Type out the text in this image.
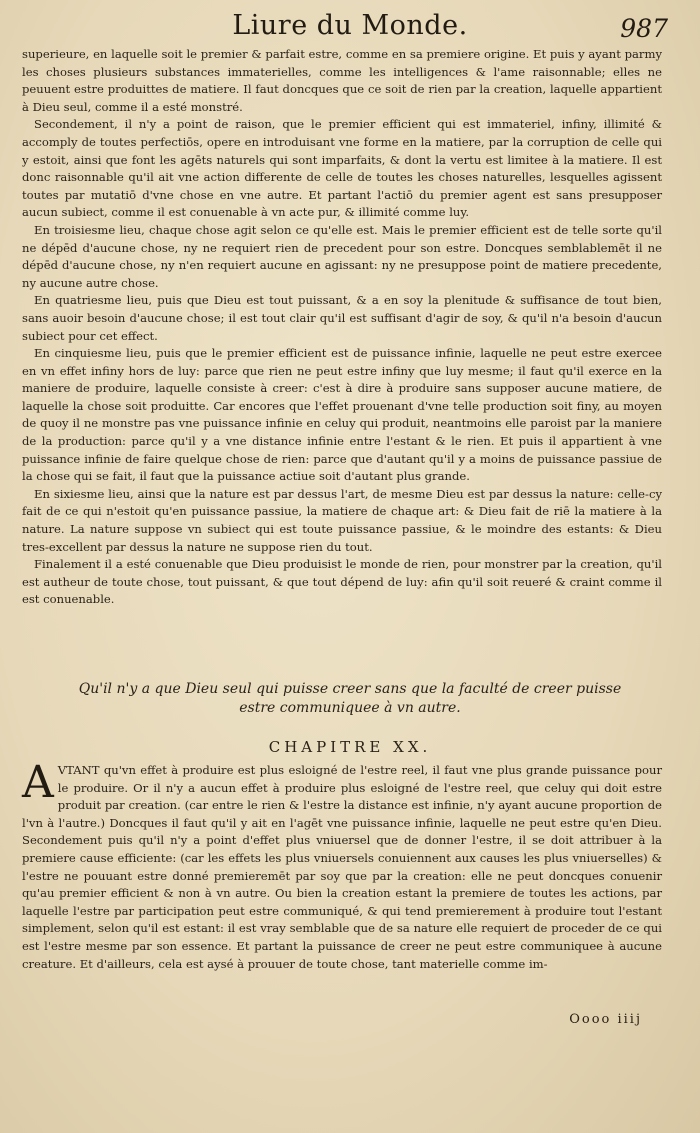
Liure du Monde.	987

superieure, en laquelle soit le premier & parfait estre, comme en sa premiere origine. Et puis y ayant parmy les choses plusieurs substances immaterielles, comme les intelligences & l'ame raisonnable; elles ne peuuent estre produittes de matiere. Il faut doncques que ce soit de rien par la creation, laquelle appartient à Dieu seul, comme il a esté monstré.

Secondement, il n'y a point de raison, que le premier efficient qui est immateriel, infiny, illimité & accomply de toutes perfectiōs, opere en introduisant vne forme en la matiere, par la corruption de celle qui y estoit, ainsi que font les agēts naturels qui sont imparfaits, & dont la vertu est limitee à la matiere. Il est donc raisonnable qu'il ait vne action differente de celle de toutes les choses naturelles, lesquelles agissent toutes par mutatiō d'vne chose en vne autre. Et partant l'actiō du premier agent est sans presupposer aucun subiect, comme il est conuenable à vn acte pur, & illimité comme luy.

En troisiesme lieu, chaque chose agit selon ce qu'elle est. Mais le premier efficient est de telle sorte qu'il ne dépēd d'aucune chose, ny ne requiert rien de precedent pour son estre. Doncques semblablemēt il ne dépēd d'aucune chose, ny n'en requiert aucune en agissant: ny ne presuppose point de matiere precedente, ny aucune autre chose.

En quatriesme lieu, puis que Dieu est tout puissant, & a en soy la plenitude & suffisance de tout bien, sans auoir besoin d'aucune chose; il est tout clair qu'il est suffisant d'agir de soy, & qu'il n'a besoin d'aucun subiect pour cet effect.

En cinquiesme lieu, puis que le premier efficient est de puissance infinie, laquelle ne peut estre exercee en vn effet infiny hors de luy: parce que rien ne peut estre infiny que luy mesme; il faut qu'il exerce en la maniere de produire, laquelle consiste à creer: c'est à dire à produire sans supposer aucune matiere, de laquelle la chose soit produitte. Car encores que l'effet prouenant d'vne telle production soit finy, au moyen de quoy il ne monstre pas vne puissance infinie en celuy qui produit, neantmoins elle paroist par la maniere de la production: parce qu'il y a vne distance infinie entre l'estant & le rien. Et puis il appartient à vne puissance infinie de faire quelque chose de rien: parce que d'autant qu'il y a moins de puissance passiue de la chose qui se fait, il faut que la puissance actiue soit d'autant plus grande.

En sixiesme lieu, ainsi que la nature est par dessus l'art, de mesme Dieu est par dessus la nature: celle-cy fait de ce qui n'estoit qu'en puissance passiue, la matiere de chaque art: & Dieu fait de riē la matiere à la nature. La nature suppose vn subiect qui est toute puissance passiue, & le moindre des estants: & Dieu tres-excellent par dessus la nature ne suppose rien du tout.

Finalement il a esté conuenable que Dieu produisist le monde de rien, pour monstrer par la creation, qu'il est autheur de toute chose, tout puissant, & que tout dépend de luy: afin qu'il soit reueré & craint comme il est conuenable.

Qu'il n'y a que Dieu seul qui puisse creer sans que la faculté de creer puisse estre communiquee à vn autre.
CHAPITRE XX.
A VTANT qu'vn effet à produire est plus esloigné de l'estre reel, il faut vne plus grande puissance pour le produire. Or il n'y a aucun effet à produire plus esloigné de l'estre reel, que celuy qui doit estre produit par creation. (car entre le rien & l'estre la distance est infinie, n'y ayant aucune proportion de l'vn à l'autre.) Doncques il faut qu'il y ait en l'agēt vne puissance infinie, laquelle ne peut estre qu'en Dieu. Secondement puis qu'il n'y a point d'effet plus vniuersel que de donner l'estre, il se doit attribuer à la premiere cause efficiente: (car les effets les plus vniuersels conuiennent aux causes les plus vniuerselles) & l'estre ne pouuant estre donné premieremēt par soy que par la creation: elle ne peut doncques conuenir qu'au premier efficient & non à vn autre. Ou bien la creation estant la premiere de toutes les actions, par laquelle l'estre par participation peut estre communiqué, & qui tend premierement à produire tout l'estant simplement, selon qu'il est estant: il est vray semblable que de sa nature elle requiert de proceder de ce qui est l'estre mesme par son essence. Et partant la puissance de creer ne peut estre communiquee à aucune creature. Et d'ailleurs, cela est aysé à prouuer de toute chose, tant materielle comme im-

Oooo iiij
